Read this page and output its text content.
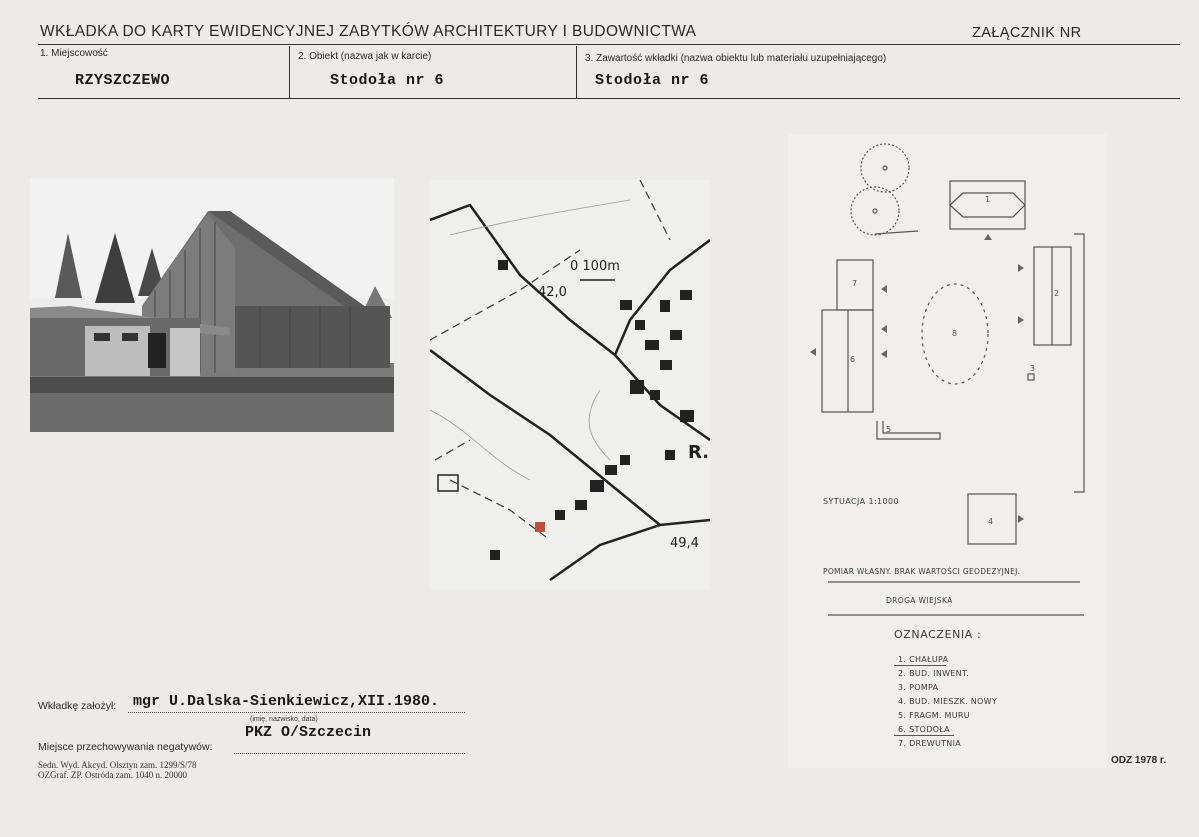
WKŁADKA DO KARTY EWIDENCYJNEJ ZABYTKÓW ARCHITEKTURY I BUDOWNICTWA	ZAŁĄCZNIK NR
1. Miejscowość
RZYSZCZEWO
2. Obiekt (nazwa jak w karcie)
Stodoła nr 6
3. Zawartość wkładki (nazwa obiektu lub materiału uzupełniającego)
Stodoła nr 6
0 100m
42,0
49,4
R.
1
2
4
6
7
8
5
3
SYTUACJA 1:1000
POMIAR WŁASNY. BRAK WARTOŚCI GEODEZYJNEJ.
DROGA WIEJSKA
OZNACZENIA :
1. CHAŁUPA
2. BUD. INWENT.
3. POMPA
4. BUD. MIESZK. NOWY
5. FRAGM. MURU
6. STODOŁA
7. DREWUTNIA
Wkładkę założył: mgr U.Dalska-Sienkiewicz,XII.1980.
(imię, nazwisko, data)
PKZ O/Szczecin
Miejsce przechowywania negatywów:
Sedn. Wyd. Akcyd. Olsztyn zam. 1299/S/78
OZGraf. ZP. Ostróda zam. 1040 n. 20000
ODZ 1978 r.
